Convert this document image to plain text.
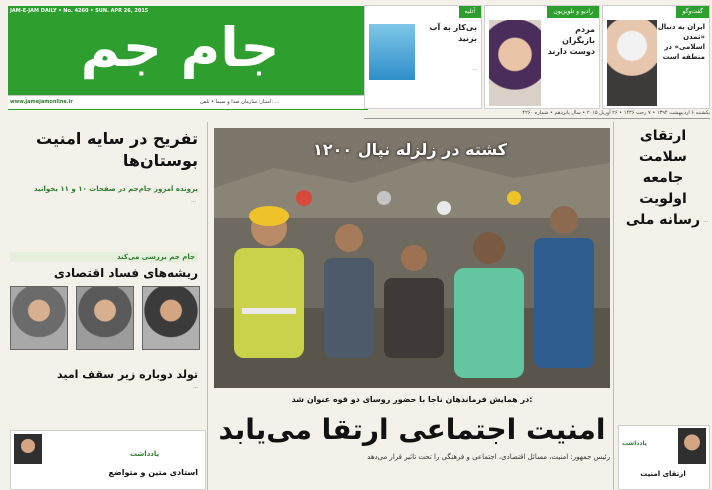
جام جم
JAM-E-JAM DAILY • No. 4260 • SUN. APR 26, 2015
www.jamejamonline.ir	امتیاز: سازمان صدا و سیما • تلفن: ...
آتلیه
بی‌کار به آب بزنید
...
رادیو و تلویزیون
مردم بازیگران دوست دارند
گفت‌وگو
ایران به دنبال «تمدن اسلامی» در منطقه است
یکشنبه ۶ اردیبهشت ۱۳۹۴ • ۷ رجب ۱۴۳۶ • ۲۶ آوریل ۲۰۱۵ • سال پانزدهم • شماره ۴۲۶۰
تفریح در سایه امنیت بوستان‌ها
پرونده امروز جام‌جم در صفحات ۱۰ و ۱۱ بخوانید
...
جام جم بررسی می‌کند
ریشه‌های فساد اقتصادی
تولد دوباره زیر سقف امید
...
یادداشت
استادی متین و متواضع
۱۲۰۰ کشته در زلزله نپال
در همایش فرماندهان ناجا با حضور روسای دو قوه عنوان شد:
امنیت اجتماعی ارتقا می‌یابد
رئیس جمهور: امنیت، مسائل اقتصادی، اجتماعی و فرهنگی را تحت تاثیر قرار می‌دهد
ارتقای سلامت جامعه اولویت رسانه ملی ...
یادداشت
ارتقای امنیت
